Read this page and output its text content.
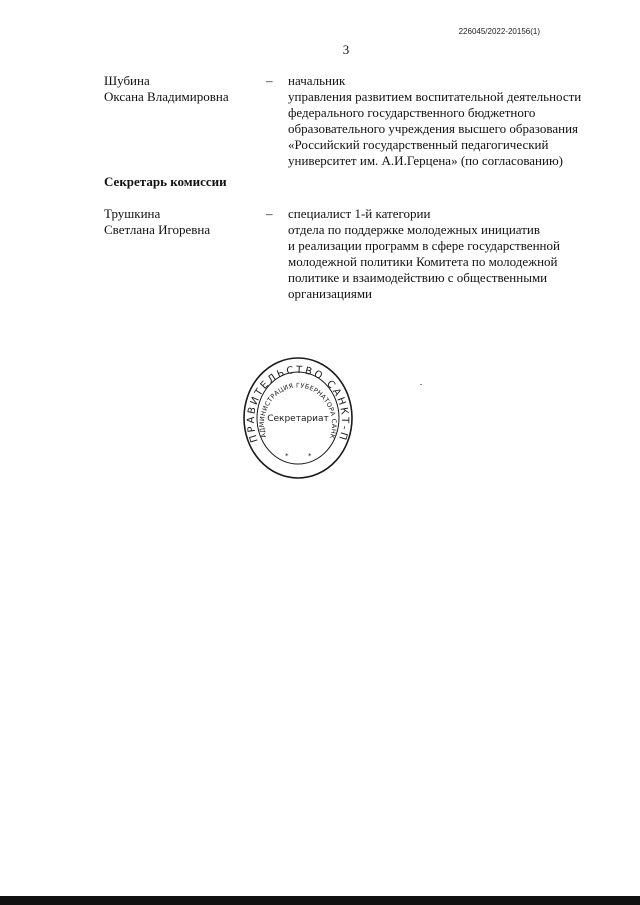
226045/2022-20156(1)
3
Шубина
Оксана Владимировна
– начальник
управления развитием воспитательной деятельности
федерального государственного бюджетного
образовательного учреждения высшего образования
«Российский государственный педагогический
университет им. А.И.Герцена» (по согласованию)
Секретарь комиссии
Трушкина
Светлана Игоревна
– специалист 1-й категории
отдела по поддержке молодежных инициатив
и реализации программ в сфере государственной
молодежной политики Комитета по молодежной
политике и взаимодействию с общественными
организациями
ПРАВИТЕЛЬСТВО САНКТ-П
АДМИНИСТРАЦИЯ ГУБЕРНАТОРА САНК
Секретариат
*	*
